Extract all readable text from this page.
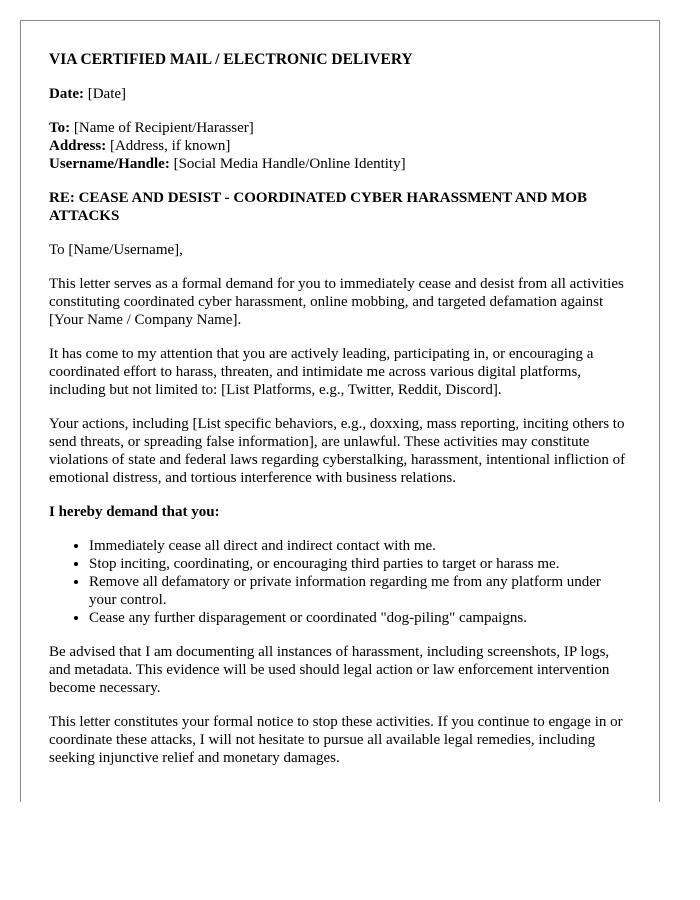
VIA CERTIFIED MAIL / ELECTRONIC DELIVERY
Date: [Date]
To: [Name of Recipient/Harasser]
Address: [Address, if known]
Username/Handle: [Social Media Handle/Online Identity]
RE: CEASE AND DESIST - COORDINATED CYBER HARASSMENT AND MOB ATTACKS

To [Name/Username],

This letter serves as a formal demand for you to immediately cease and desist from all activities constituting coordinated cyber harassment, online mobbing, and targeted defamation against [Your Name / Company Name].

It has come to my attention that you are actively leading, participating in, or encouraging a coordinated effort to harass, threaten, and intimidate me across various digital platforms, including but not limited to: [List Platforms, e.g., Twitter, Reddit, Discord].

Your actions, including [List specific behaviors, e.g., doxxing, mass reporting, inciting others to send threats, or spreading false information], are unlawful. These activities may constitute violations of state and federal laws regarding cyberstalking, harassment, intentional infliction of emotional distress, and tortious interference with business relations.

I hereby demand that you:
• Immediately cease all direct and indirect contact with me.
• Stop inciting, coordinating, or encouraging third parties to target or harass me.
• Remove all defamatory or private information regarding me from any platform under your control.
• Cease any further disparagement or coordinated "dog-piling" campaigns.

Be advised that I am documenting all instances of harassment, including screenshots, IP logs, and metadata. This evidence will be used should legal action or law enforcement intervention become necessary.

This letter constitutes your formal notice to stop these activities. If you continue to engage in or coordinate these attacks, I will not hesitate to pursue all available legal remedies, including seeking injunctive relief and monetary damages.
